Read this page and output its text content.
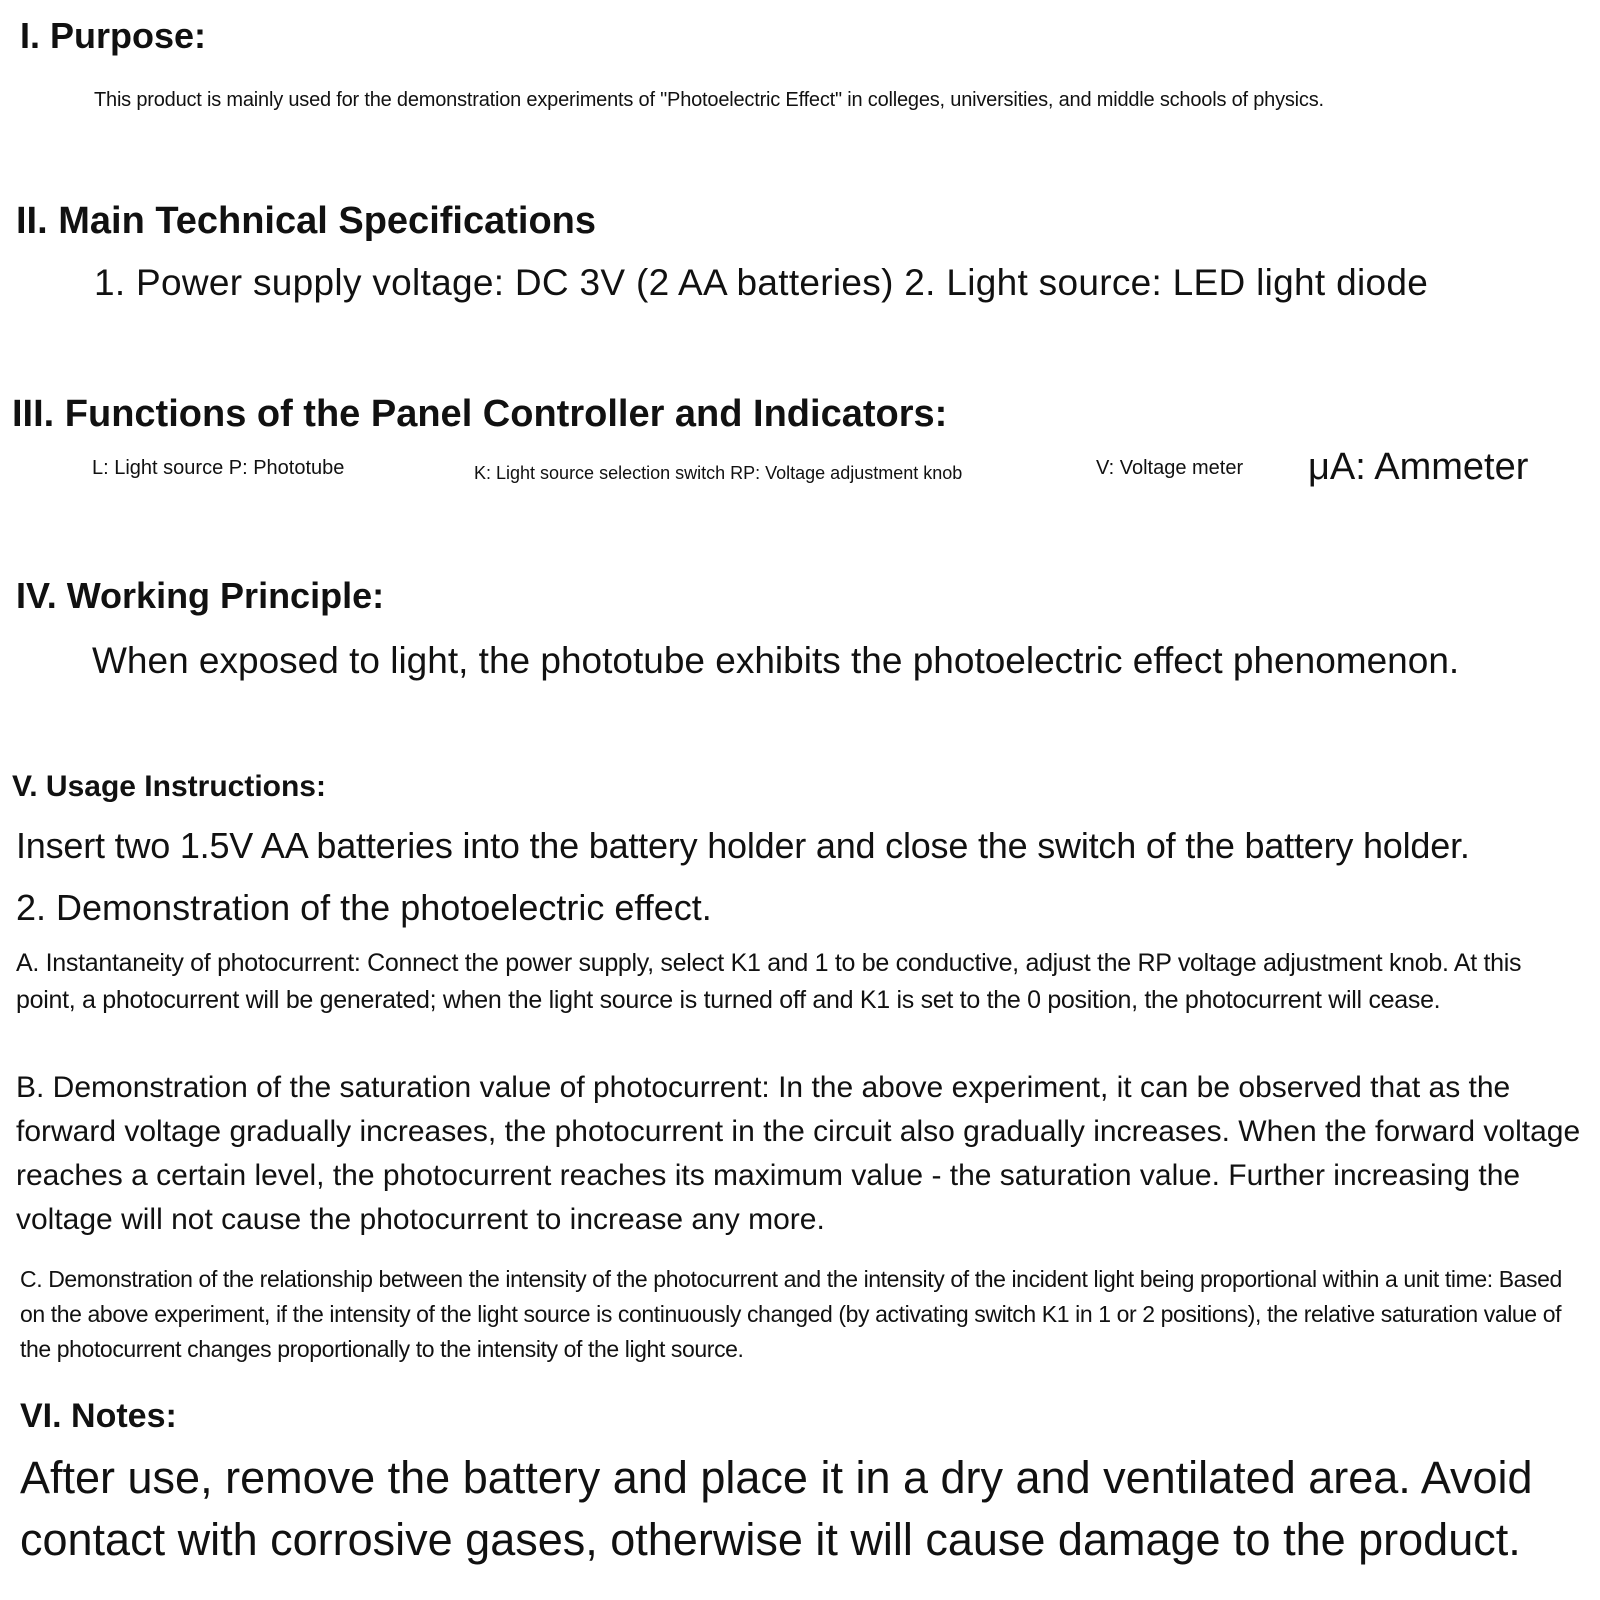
I. Purpose:

This product is mainly used for the demonstration experiments of "Photoelectric Effect" in colleges, universities, and middle schools of physics.

II. Main Technical Specifications

1. Power supply voltage: DC 3V (2 AA batteries) 2. Light source: LED light diode

III. Functions of the Panel Controller and Indicators:
L: Light source P: Phototube	K: Light source selection switch RP: Voltage adjustment knob	V: Voltage meter μA: Ammeter
IV. Working Principle:

When exposed to light, the phototube exhibits the photoelectric effect phenomenon.

V. Usage Instructions:

Insert two 1.5V AA batteries into the battery holder and close the switch of the battery holder.

2. Demonstration of the photoelectric effect.

A. Instantaneity of photocurrent: Connect the power supply, select K1 and 1 to be conductive, adjust the RP voltage adjustment knob. At this point, a photocurrent will be generated; when the light source is turned off and K1 is set to the 0 position, the photocurrent will cease.

B. Demonstration of the saturation value of photocurrent: In the above experiment, it can be observed that as the forward voltage gradually increases, the photocurrent in the circuit also gradually increases. When the forward voltage reaches a certain level, the photocurrent reaches its maximum value - the saturation value. Further increasing the voltage will not cause the photocurrent to increase any more.

C. Demonstration of the relationship between the intensity of the photocurrent and the intensity of the incident light being proportional within a unit time: Based on the above experiment, if the intensity of the light source is continuously changed (by activating switch K1 in 1 or 2 positions), the relative saturation value of the photocurrent changes proportionally to the intensity of the light source.

VI. Notes:

After use, remove the battery and place it in a dry and ventilated area. Avoid contact with corrosive gases, otherwise it will cause damage to the product.
